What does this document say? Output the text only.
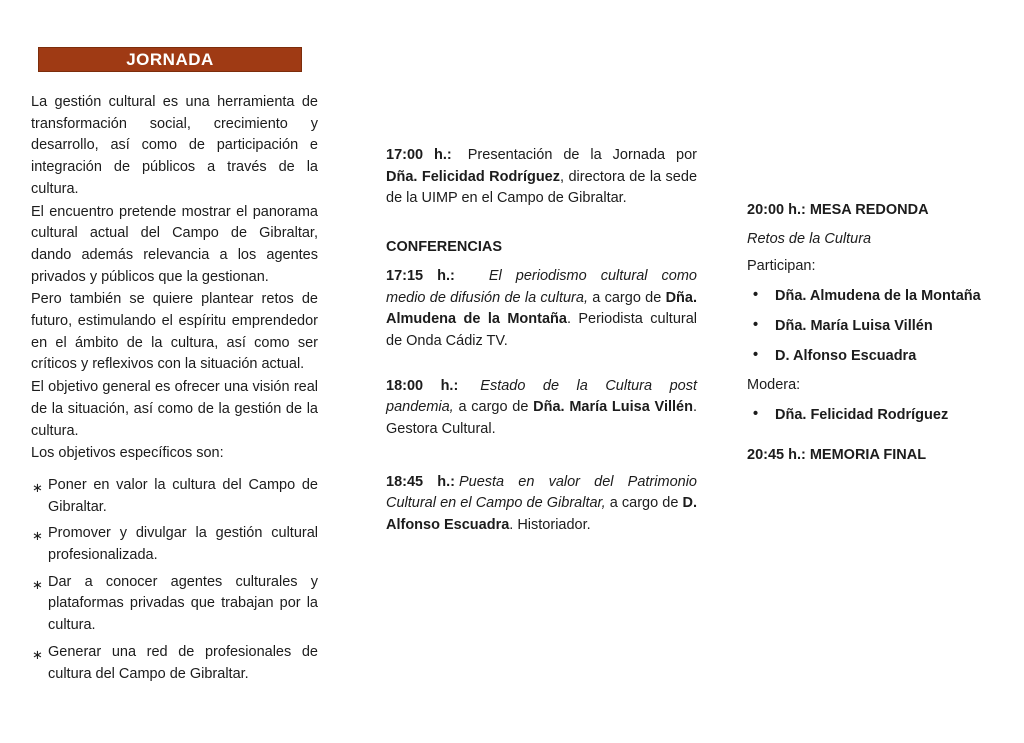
JORNADA

La gestión cultural es una herramienta de transformación social, crecimiento y desarrollo, así como de participación e integración de públicos a través de la cultura.

El encuentro pretende mostrar el panorama cultural actual del Campo de Gibraltar, dando además relevancia a los agentes privados y públicos que la gestionan.

Pero también se quiere plantear retos de futuro, estimulando el espíritu emprendedor en el ámbito de la cultura, así como ser críticos y reflexivos con la situación actual.

El objetivo general es ofrecer una visión real de la situación, así como de la gestión de la cultura.

Los objetivos específicos son:

∗ Poner en valor la cultura del Campo de Gibraltar.
∗ Promover y divulgar la gestión cultural profesionalizada.
∗ Dar a conocer agentes culturales y plataformas privadas que trabajan por la cultura.
∗ Generar una red de profesionales de cultura del Campo de Gibraltar.

17:00 h.: Presentación de la Jornada por Dña. Felicidad Rodríguez, directora de la sede de la UIMP en el Campo de Gibraltar.

CONFERENCIAS

17:15 h.: El periodismo cultural como medio de difusión de la cultura, a cargo de Dña. Almudena de la Montaña. Periodista cultural de Onda Cádiz TV.

18:00 h.: Estado de la Cultura post pandemia, a cargo de Dña. María Luisa Villén. Gestora Cultural.

18:45 h.: Puesta en valor del Patrimonio Cultural en el Campo de Gibraltar, a cargo de D. Alfonso Escuadra. Historiador.

20:00 h.: MESA REDONDA

Retos de la Cultura

Participan:

• Dña. Almudena de la Montaña
• Dña. María Luisa Villén
• D. Alfonso Escuadra

Modera:

• Dña. Felicidad Rodríguez

20:45 h.: MEMORIA FINAL
